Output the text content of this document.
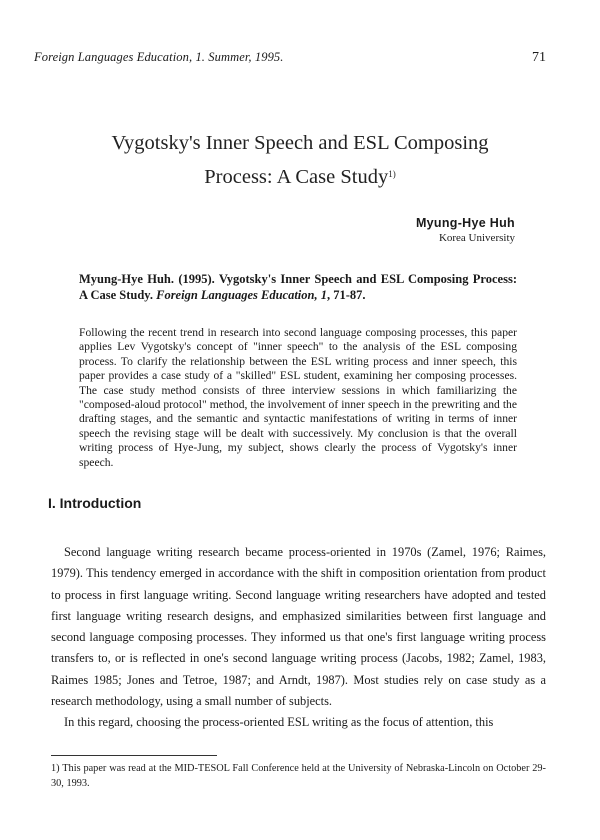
Foreign Languages Education, 1. Summer, 1995.	71
Vygotsky's Inner Speech and ESL Composing
Process: A Case Study$^{1)}$
Myung-Hye Huh
Korea University
Myung-Hye Huh. (1995). Vygotsky's Inner Speech and ESL Composing Process: A Case Study. Foreign Languages Education, 1, 71-87.
Following the recent trend in research into second language composing processes, this paper applies Lev Vygotsky's concept of "inner speech" to the analysis of the ESL composing process. To clarify the relationship between the ESL writing process and inner speech, this paper provides a case study of a "skilled" ESL student, examining her composing processes. The case study method consists of three interview sessions in which familiarizing the "composed-aloud protocol" method, the involvement of inner speech in the prewriting and the drafting stages, and the semantic and syntactic manifestations of writing in terms of inner speech the revising stage will be dealt with successively. My conclusion is that the overall writing process of Hye-Jung, my subject, shows clearly the process of Vygotsky's inner speech.
I. Introduction

Second language writing research became process-oriented in 1970s (Zamel, 1976; Raimes, 1979). This tendency emerged in accordance with the shift in composition orientation from product to process in first language writing. Second language writing researchers have adopted and tested first language writing research designs, and emphasized similarities between first language and second language composing processes. They informed us that one's first language writing process transfers to, or is reflected in one's second language writing process (Jacobs, 1982; Zamel, 1983, Raimes 1985; Jones and Tetroe, 1987; and Arndt, 1987). Most studies rely on case study as a research methodology, using a small number of subjects.

In this regard, choosing the process-oriented ESL writing as the focus of attention, this

1) This paper was read at the MID-TESOL Fall Conference held at the University of Nebraska-Lincoln on October 29-30, 1993.
